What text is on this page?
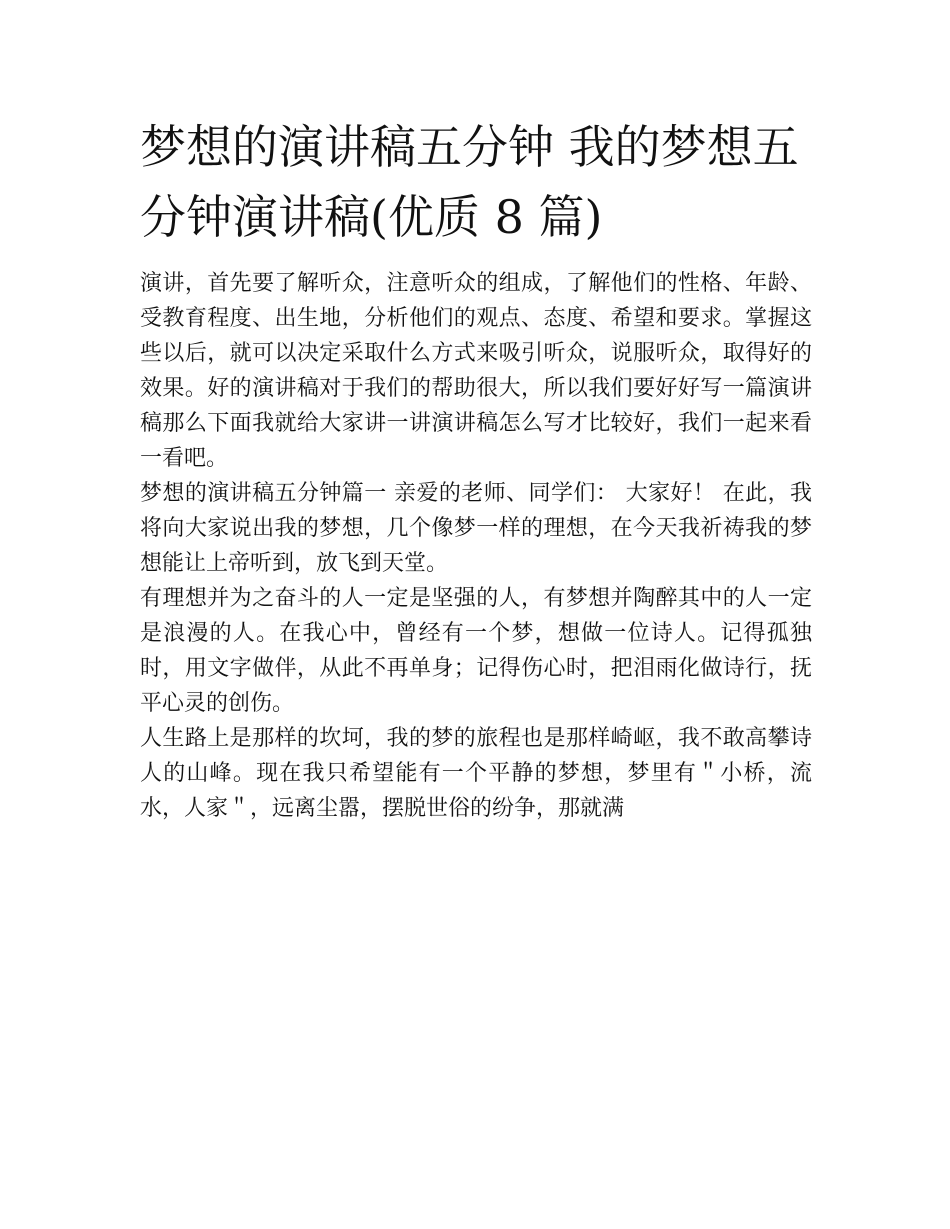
梦想的演讲稿五分钟 我的梦想五分钟演讲稿(优质 8 篇)

演讲，首先要了解听众，注意听众的组成，了解他们的性格、年龄、受教育程度、出生地，分析他们的观点、态度、希望和要求。掌握这些以后，就可以决定采取什么方式来吸引听众，说服听众，取得好的效果。好的演讲稿对于我们的帮助很大，所以我们要好好写一篇演讲稿那么下面我就给大家讲一讲演讲稿怎么写才比较好，我们一起来看一看吧。

梦想的演讲稿五分钟篇一 亲爱的老师、同学们： 大家好！ 在此，我将向大家说出我的梦想，几个像梦一样的理想，在今天我祈祷我的梦想能让上帝听到，放飞到天堂。

有理想并为之奋斗的人一定是坚强的人，有梦想并陶醉其中的人一定是浪漫的人。在我心中，曾经有一个梦，想做一位诗人。记得孤独时，用文字做伴，从此不再单身；记得伤心时，把泪雨化做诗行，抚平心灵的创伤。

人生路上是那样的坎坷，我的梦的旅程也是那样崎岖，我不敢高攀诗人的山峰。现在我只希望能有一个平静的梦想，梦里有＂小桥，流水，人家＂，远离尘嚣，摆脱世俗的纷争，那就满
